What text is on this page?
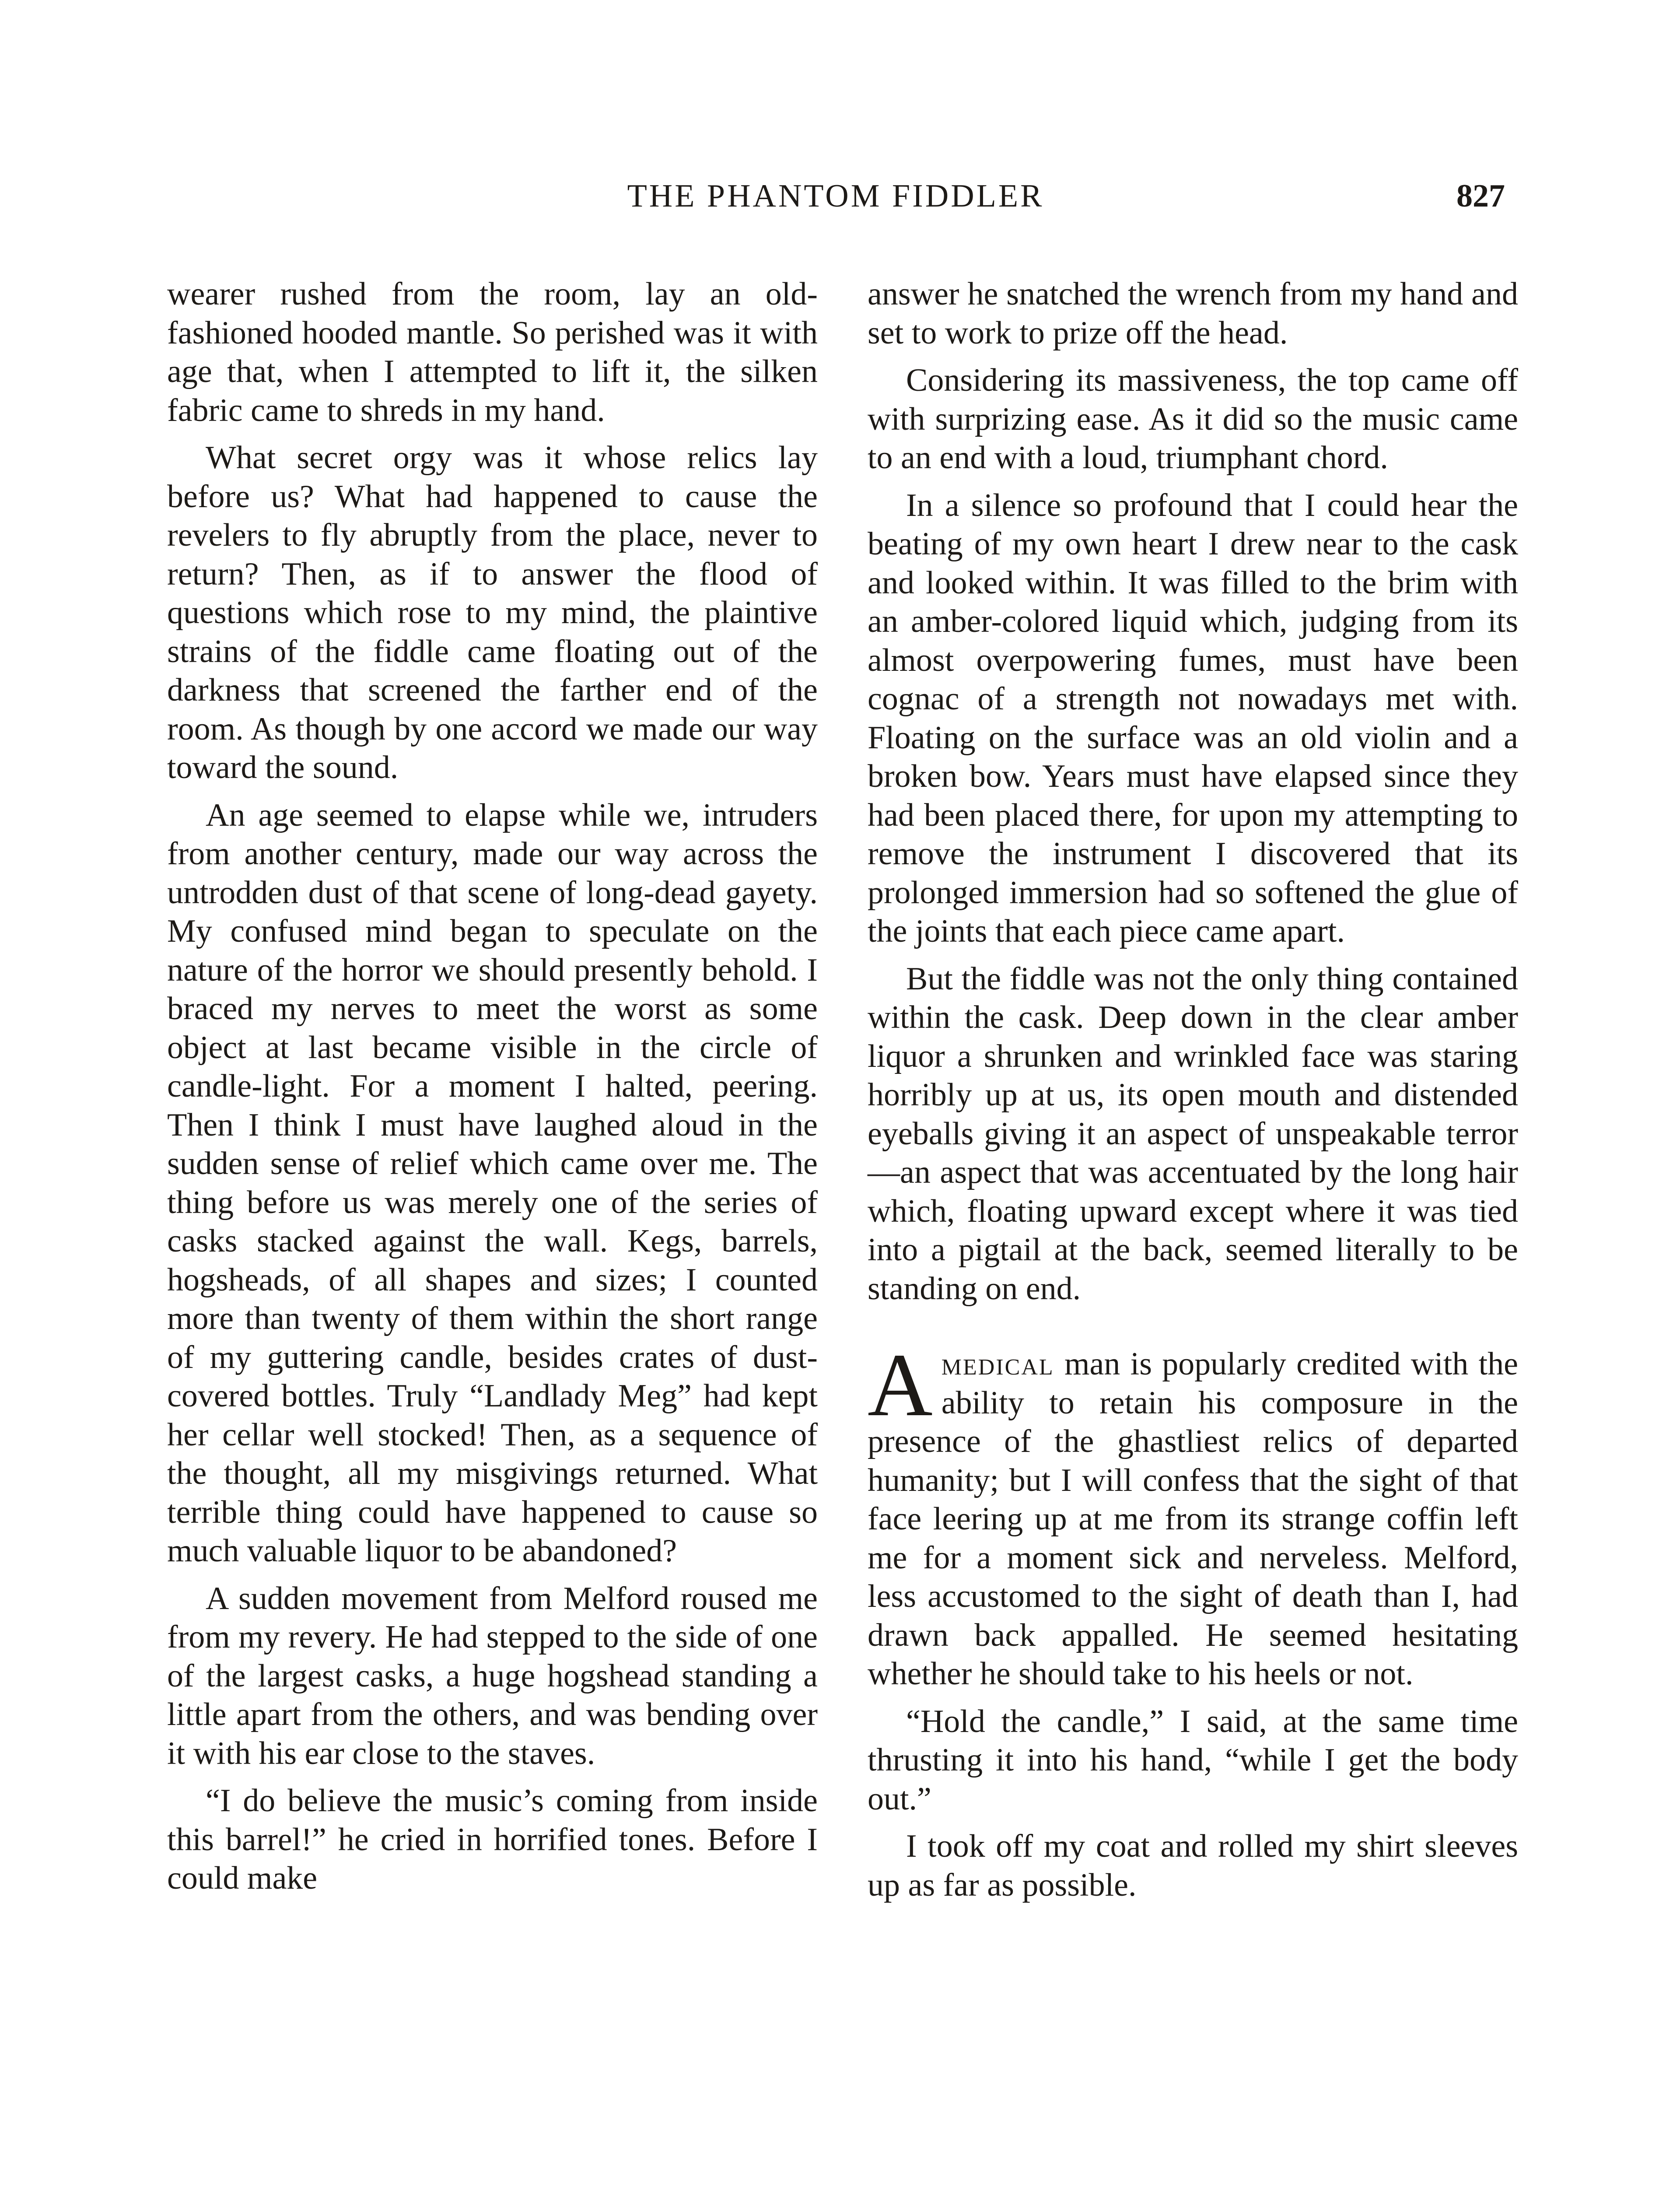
THE PHANTOM FIDDLER	827

wearer rushed from the room, lay an old-fashioned hooded mantle. So perished was it with age that, when I attempted to lift it, the silken fabric came to shreds in my hand.

What secret orgy was it whose relics lay before us? What had happened to cause the revelers to fly abruptly from the place, never to return? Then, as if to answer the flood of questions which rose to my mind, the plaintive strains of the fiddle came floating out of the darkness that screened the farther end of the room. As though by one accord we made our way toward the sound.

An age seemed to elapse while we, intruders from another century, made our way across the untrodden dust of that scene of long-dead gayety. My confused mind began to speculate on the nature of the horror we should presently behold. I braced my nerves to meet the worst as some object at last became visible in the circle of candle-light. For a moment I halted, peering. Then I think I must have laughed aloud in the sudden sense of relief which came over me. The thing before us was merely one of the series of casks stacked against the wall. Kegs, barrels, hogsheads, of all shapes and sizes; I counted more than twenty of them within the short range of my guttering candle, besides crates of dust-covered bottles. Truly “Landlady Meg” had kept her cellar well stocked! Then, as a sequence of the thought, all my misgivings returned. What terrible thing could have happened to cause so much valuable liquor to be abandoned?

A sudden movement from Melford roused me from my revery. He had stepped to the side of one of the largest casks, a huge hogshead standing a little apart from the others, and was bending over it with his ear close to the staves.

“I do believe the music’s coming from inside this barrel!” he cried in horrified tones. Before I could make

answer he snatched the wrench from my hand and set to work to prize off the head.

Considering its massiveness, the top came off with surprizing ease. As it did so the music came to an end with a loud, triumphant chord.

In a silence so profound that I could hear the beating of my own heart I drew near to the cask and looked within. It was filled to the brim with an amber-colored liquid which, judging from its almost overpowering fumes, must have been cognac of a strength not nowadays met with. Floating on the surface was an old violin and a broken bow. Years must have elapsed since they had been placed there, for upon my attempting to remove the instrument I discovered that its prolonged immersion had so softened the glue of the joints that each piece came apart.

But the fiddle was not the only thing contained within the cask. Deep down in the clear amber liquor a shrunken and wrinkled face was staring horribly up at us, its open mouth and distended eyeballs giving it an aspect of unspeakable terror—an aspect that was accentuated by the long hair which, floating upward except where it was tied into a pigtail at the back, seemed literally to be standing on end.

Amedical man is popularly credited with the ability to retain his composure in the presence of the ghastliest relics of departed humanity; but I will confess that the sight of that face leering up at me from its strange coffin left me for a moment sick and nerveless. Melford, less accustomed to the sight of death than I, had drawn back appalled. He seemed hesitating whether he should take to his heels or not.

“Hold the candle,” I said, at the same time thrusting it into his hand, “while I get the body out.”

I took off my coat and rolled my shirt sleeves up as far as possible.
